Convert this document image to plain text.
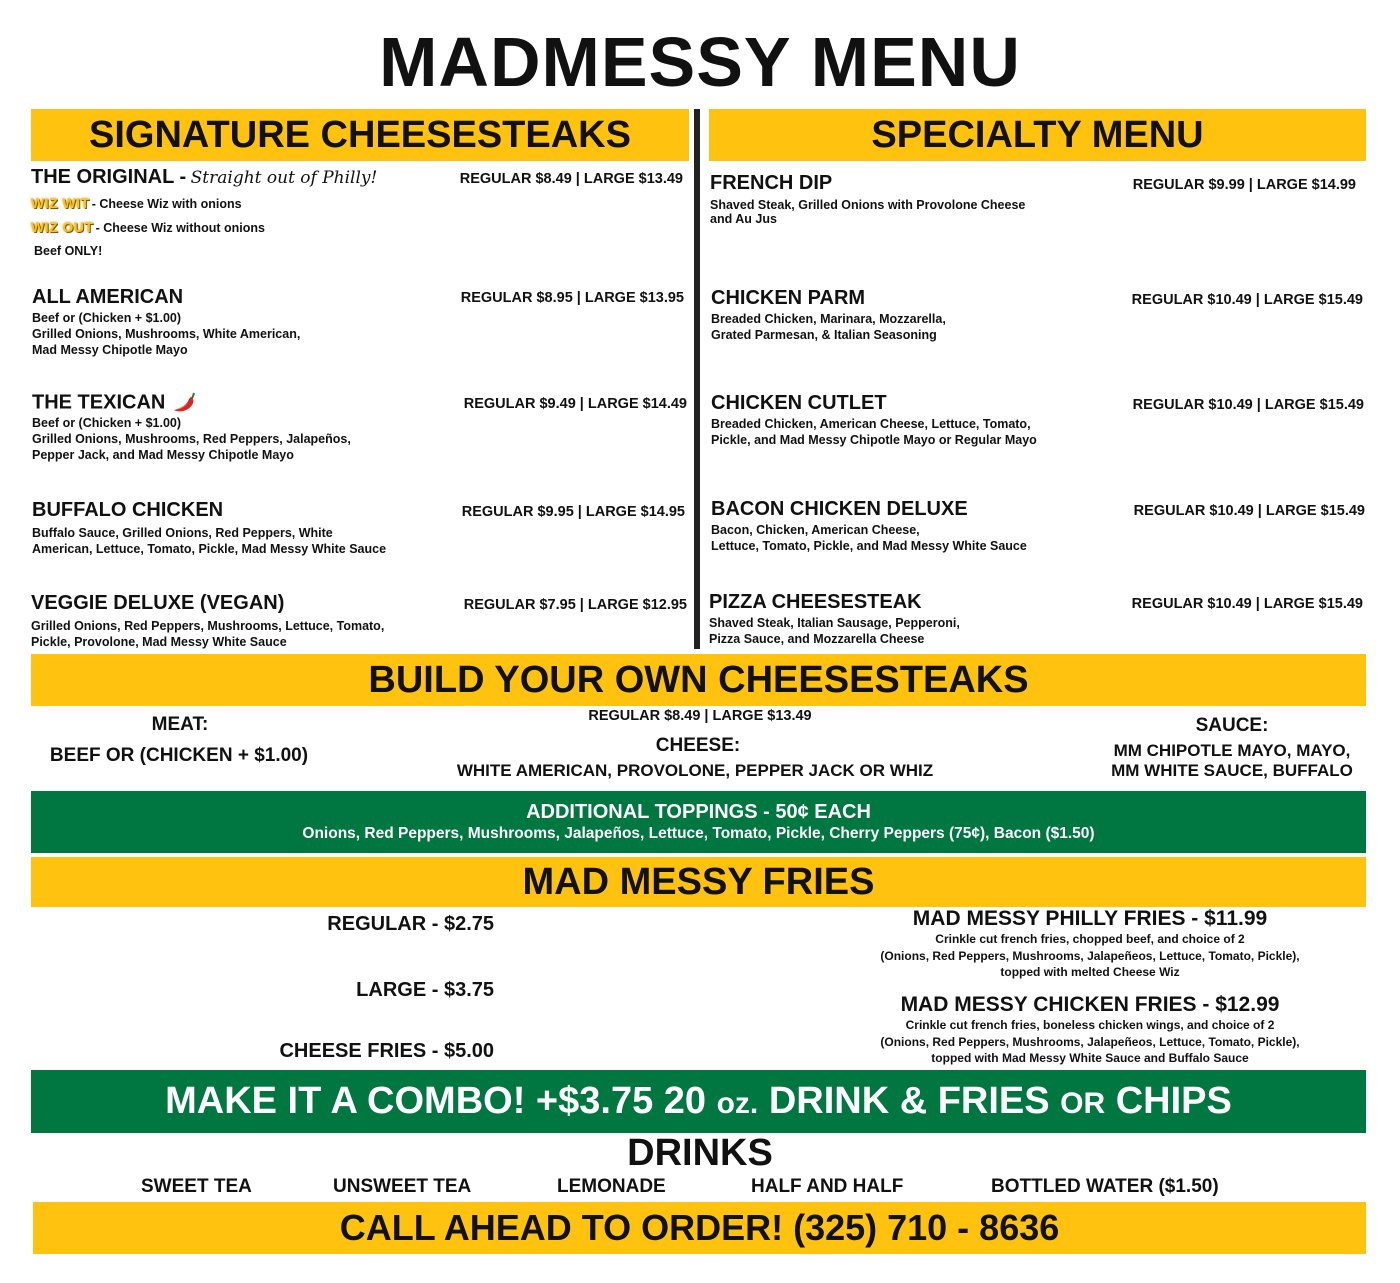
MADMESSY MENU
SIGNATURE CHEESESTEAKS	SPECIALTY MENU
THE ORIGINAL - Straight out of Philly!	REGULAR $8.49 | LARGE $13.49
WIZ WIT - Cheese Wiz with onions
WIZ OUT - Cheese Wiz without onions
Beef ONLY!
ALL AMERICAN	REGULAR $8.95 | LARGE $13.95
Beef or (Chicken + $1.00)
Grilled Onions, Mushrooms, White American,
Mad Messy Chipotle Mayo
THE TEXICAN	REGULAR $9.49 | LARGE $14.49
Beef or (Chicken + $1.00)
Grilled Onions, Mushrooms, Red Peppers, Jalapeños,
Pepper Jack, and Mad Messy Chipotle Mayo
BUFFALO CHICKEN	REGULAR $9.95 | LARGE $14.95
Buffalo Sauce, Grilled Onions, Red Peppers, White
American, Lettuce, Tomato, Pickle, Mad Messy White Sauce
VEGGIE DELUXE (VEGAN)	REGULAR $7.95 | LARGE $12.95
Grilled Onions, Red Peppers, Mushrooms, Lettuce, Tomato,
Pickle, Provolone, Mad Messy White Sauce
FRENCH DIP	REGULAR $9.99 | LARGE $14.99
Shaved Steak, Grilled Onions with Provolone Cheese
and Au Jus
CHICKEN PARM	REGULAR $10.49 | LARGE $15.49
Breaded Chicken, Marinara, Mozzarella,
Grated Parmesan, & Italian Seasoning
CHICKEN CUTLET	REGULAR $10.49 | LARGE $15.49
Breaded Chicken, American Cheese, Lettuce, Tomato,
Pickle, and Mad Messy Chipotle Mayo or Regular Mayo
BACON CHICKEN DELUXE	REGULAR $10.49 | LARGE $15.49
Bacon, Chicken, American Cheese,
Lettuce, Tomato, Pickle, and Mad Messy White Sauce
PIZZA CHEESESTEAK	REGULAR $10.49 | LARGE $15.49
Shaved Steak, Italian Sausage, Pepperoni,
Pizza Sauce, and Mozzarella Cheese
BUILD YOUR OWN CHEESESTEAKS
REGULAR $8.49 | LARGE $13.49
MEAT:
BEEF OR (CHICKEN + $1.00)	CHEESE:
WHITE AMERICAN, PROVOLONE, PEPPER JACK OR WHIZ
SAUCE:
MM CHIPOTLE MAYO, MAYO,
MM WHITE SAUCE, BUFFALO
ADDITIONAL TOPPINGS - 50¢ EACH
Onions, Red Peppers, Mushrooms, Jalapeños, Lettuce, Tomato, Pickle, Cherry Peppers (75¢), Bacon ($1.50)
MAD MESSY FRIES
REGULAR - $2.75
LARGE - $3.75
CHEESE FRIES - $5.00
MAD MESSY PHILLY FRIES - $11.99
Crinkle cut french fries, chopped beef, and choice of 2
(Onions, Red Peppers, Mushrooms, Jalapeñeos, Lettuce, Tomato, Pickle),
topped with melted Cheese Wiz
MAD MESSY CHICKEN FRIES - $12.99
Crinkle cut french fries, boneless chicken wings, and choice of 2
(Onions, Red Peppers, Mushrooms, Jalapeñeos, Lettuce, Tomato, Pickle),
topped with Mad Messy White Sauce and Buffalo Sauce
MAKE IT A COMBO! +$3.75 20 oz. DRINK & FRIES OR CHIPS
DRINKS
SWEET TEA	UNSWEET TEA	LEMONADE	HALF AND HALF	BOTTLED WATER ($1.50)
CALL AHEAD TO ORDER! (325) 710 - 8636
